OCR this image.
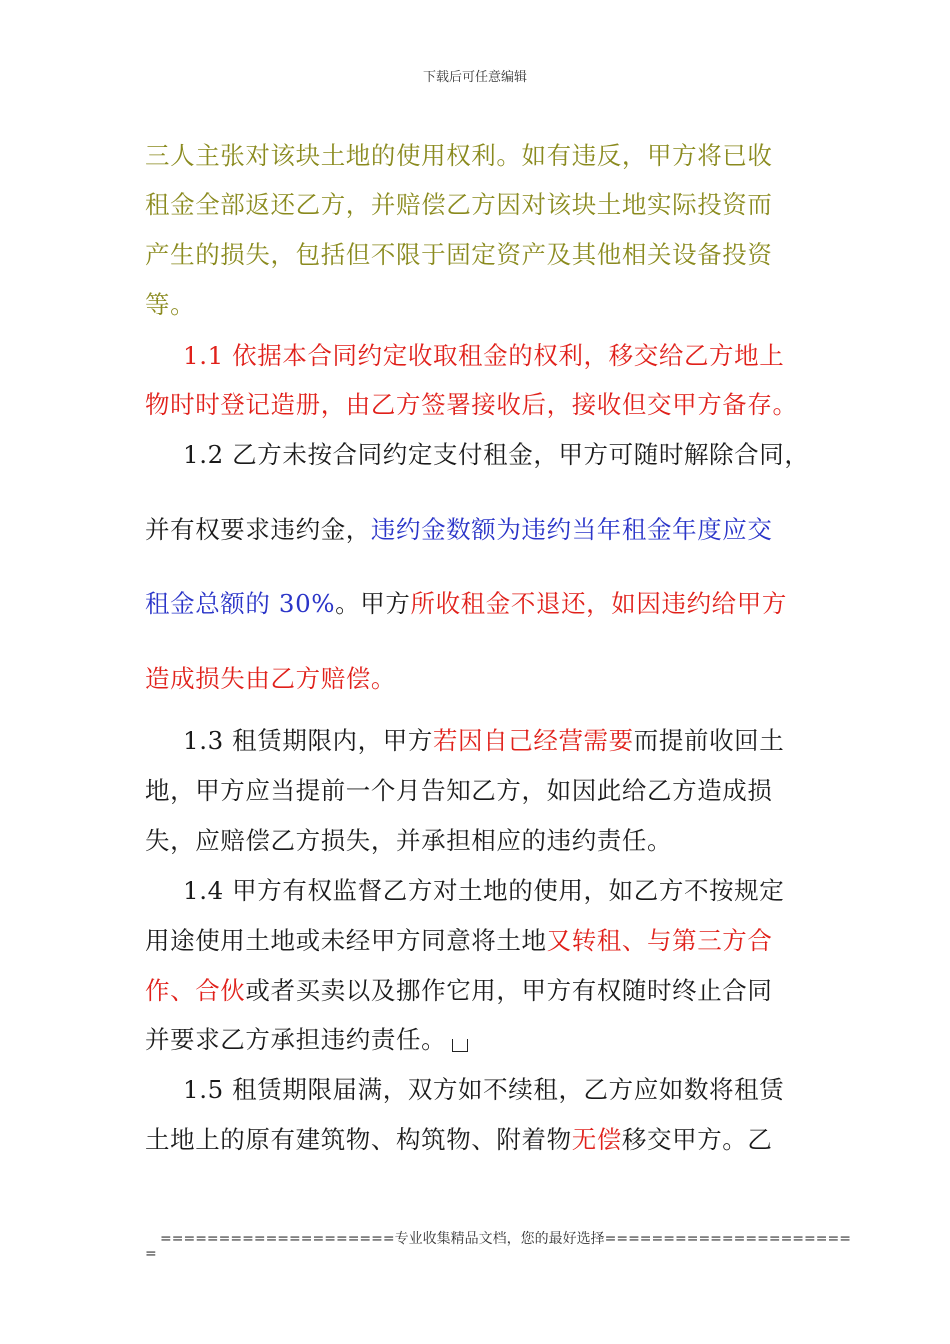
下载后可任意编辑
三人主张对该块土地的使用权利。如有违反，甲方将已收
租金全部返还乙方，并赔偿乙方因对该块土地实际投资而
产生的损失，包括但不限于固定资产及其他相关设备投资
等。
1.1 依据本合同约定收取租金的权利，移交给乙方地上
物时时登记造册，由乙方签署接收后，接收但交甲方备存。
1.2 乙方未按合同约定支付租金，甲方可随时解除合同，
并有权要求违约金，违约金数额为违约当年租金年度应交
租金总额的 30%。甲方所收租金不退还，如因违约给甲方
造成损失由乙方赔偿。
1.3 租赁期限内，甲方若因自己经营需要而提前收回土
地，甲方应当提前一个月告知乙方，如因此给乙方造成损
失，应赔偿乙方损失，并承担相应的违约责任。
1.4 甲方有权监督乙方对土地的使用，如乙方不按规定
用途使用土地或未经甲方同意将土地又转租、与第三方合
作、合伙或者买卖以及挪作它用，甲方有权随时终止合同
并要求乙方承担违约责任。
1.5 租赁期限届满，双方如不续租，乙方应如数将租赁
土地上的原有建筑物、构筑物、附着物无偿移交甲方。乙
====================专业收集精品文档，您的最好选择=====================
=
